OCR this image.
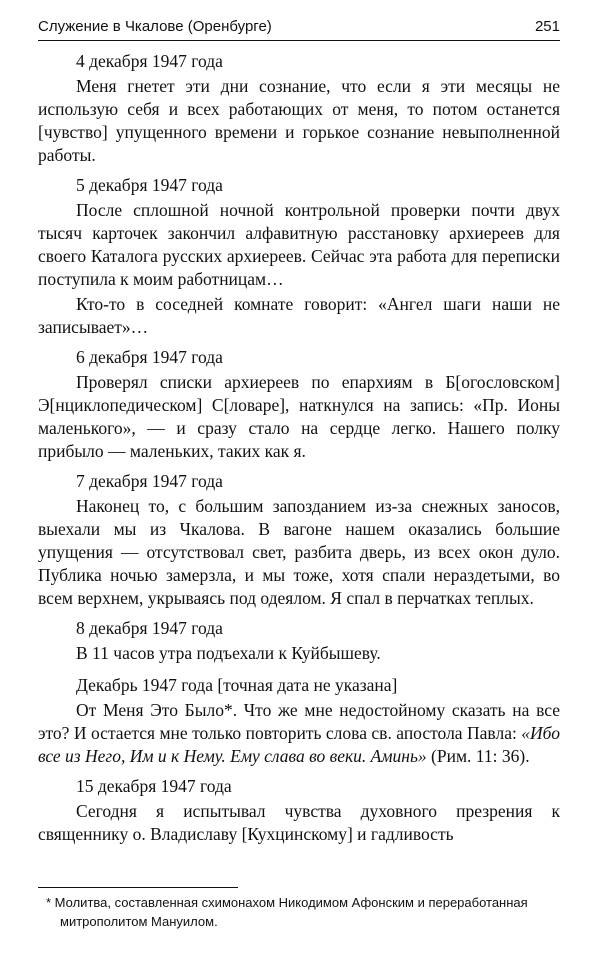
Служение в Чкалове (Оренбурге)	251
4 декабря 1947 года

Меня гнетет эти дни сознание, что если я эти месяцы не использую себя и всех работающих от меня, то потом останется [чувство] упущенного времени и горькое сознание невыполненной работы.

5 декабря 1947 года

После сплошной ночной контрольной проверки почти двух тысяч карточек закончил алфавитную расстановку архиереев для своего Каталога русских архиереев. Сейчас эта работа для переписки поступила к моим работницам…

Кто-то в соседней комнате говорит: «Ангел шаги наши не записывает»…

6 декабря 1947 года

Проверял списки архиереев по епархиям в Б[огословском] Э[нциклопедическом] С[ловаре], наткнулся на запись: «Пр. Ионы маленького», — и сразу стало на сердце легко. Нашего полку прибыло — маленьких, таких как я.

7 декабря 1947 года

Наконец то, с большим запозданием из-за снежных заносов, выехали мы из Чкалова. В вагоне нашем оказались большие упущения — отсутствовал свет, разбита дверь, из всех окон дуло. Публика ночью замерзла, и мы тоже, хотя спали нераздетыми, во всем верхнем, укрываясь под одеялом. Я спал в перчатках теплых.

8 декабря 1947 года

В 11 часов утра подъехали к Куйбышеву.

Декабрь 1947 года [точная дата не указана]

От Меня Это Было*. Что же мне недостойному сказать на все это? И остается мне только повторить слова св. апостола Павла: «Ибо все из Него, Им и к Нему. Ему слава во веки. Аминь» (Рим. 11: 36).

15 декабря 1947 года

Сегодня я испытывал чувства духовного презрения к священнику о. Владиславу [Кухцинскому] и гадливость

* Молитва, составленная схимонахом Никодимом Афонским и переработанная митрополитом Мануилом.
